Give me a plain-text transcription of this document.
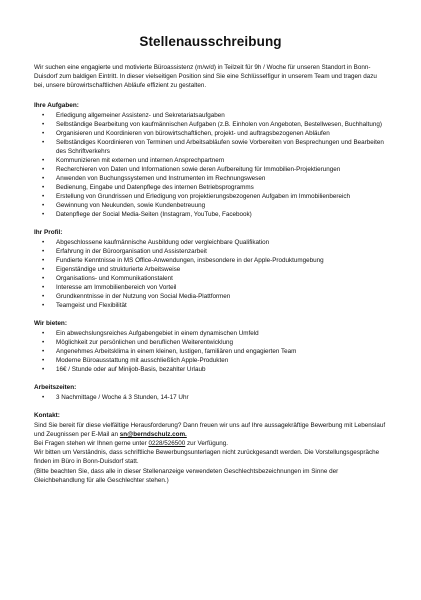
Stellenausschreibung

Wir suchen eine engagierte und motivierte Büroassistenz (m/w/d) in Teilzeit für 9h / Woche für unseren Standort in Bonn-Duisdorf zum baldigen Eintritt. In dieser vielseitigen Position sind Sie eine Schlüsselfigur in unserem Team und tragen dazu bei, unsere bürowirtschaftlichen Abläufe effizient zu gestalten.

Ihre Aufgaben:
• Erledigung allgemeiner Assistenz- und Sekretariatsaufgaben
• Selbständige Bearbeitung von kaufmännischen Aufgaben (z.B. Einholen von Angeboten, Bestellwesen, Buchhaltung)
• Organisieren und Koordinieren von bürowirtschaftlichen, projekt- und auftragsbezogenen Abläufen
• Selbständiges Koordinieren von Terminen und Arbeitsabläufen sowie Vorbereiten von Besprechungen und Bearbeiten des Schriftverkehrs
• Kommunizieren mit externen und internen Ansprechpartnern
• Recherchieren von Daten und Informationen sowie deren Aufbereitung für Immobilien-Projektierungen
• Anwenden von Buchungssystemen und Instrumenten im Rechnungswesen
• Bedienung, Eingabe und Datenpflege des internen Betriebsprogramms
• Erstellung von Grundrissen und Erledigung von projektierungsbezogenen Aufgaben im Immobilienbereich
• Gewinnung von Neukunden, sowie Kundenbetreuung
• Datenpflege der Social Media-Seiten (Instagram, YouTube, Facebook)
Ihr Profil:
• Abgeschlossene kaufmännische Ausbildung oder vergleichbare Qualifikation
• Erfahrung in der Büroorganisation und Assistenzarbeit
• Fundierte Kenntnisse in MS Office-Anwendungen, insbesondere in der Apple-Produktumgebung
• Eigenständige und strukturierte Arbeitsweise
• Organisations- und Kommunikationstalent
• Interesse am Immobilienbereich von Vorteil
• Grundkenntnisse in der Nutzung von Social Media-Plattformen
• Teamgeist und Flexibilität
Wir bieten:
• Ein abwechslungsreiches Aufgabengebiet in einem dynamischen Umfeld
• Möglichkeit zur persönlichen und beruflichen Weiterentwicklung
• Angenehmes Arbeitsklima in einem kleinen, lustigen, familiären und engagierten Team
• Moderne Büroausstattung mit ausschließlich Apple-Produkten
• 16€ / Stunde oder auf Minijob-Basis, bezahlter Urlaub
Arbeitszeiten:
• 3 Nachmittage / Woche á 3 Stunden, 14-17 Uhr
Kontakt:

Sind Sie bereit für diese vielfältige Herausforderung? Dann freuen wir uns auf Ihre aussagekräftige Bewerbung mit Lebenslauf und Zeugnissen per E-Mail an sn@berndschulz.com.

Bei Fragen stehen wir Ihnen gerne unter 0228/526500 zur Verfügung.

Wir bitten um Verständnis, dass schriftliche Bewerbungsunterlagen nicht zurückgesandt werden. Die Vorstellungsgespräche finden im Büro in Bonn-Duisdorf statt.

(Bitte beachten Sie, dass alle in dieser Stellenanzeige verwendeten Geschlechtsbezeichnungen im Sinne der Gleichbehandlung für alle Geschlechter stehen.)
